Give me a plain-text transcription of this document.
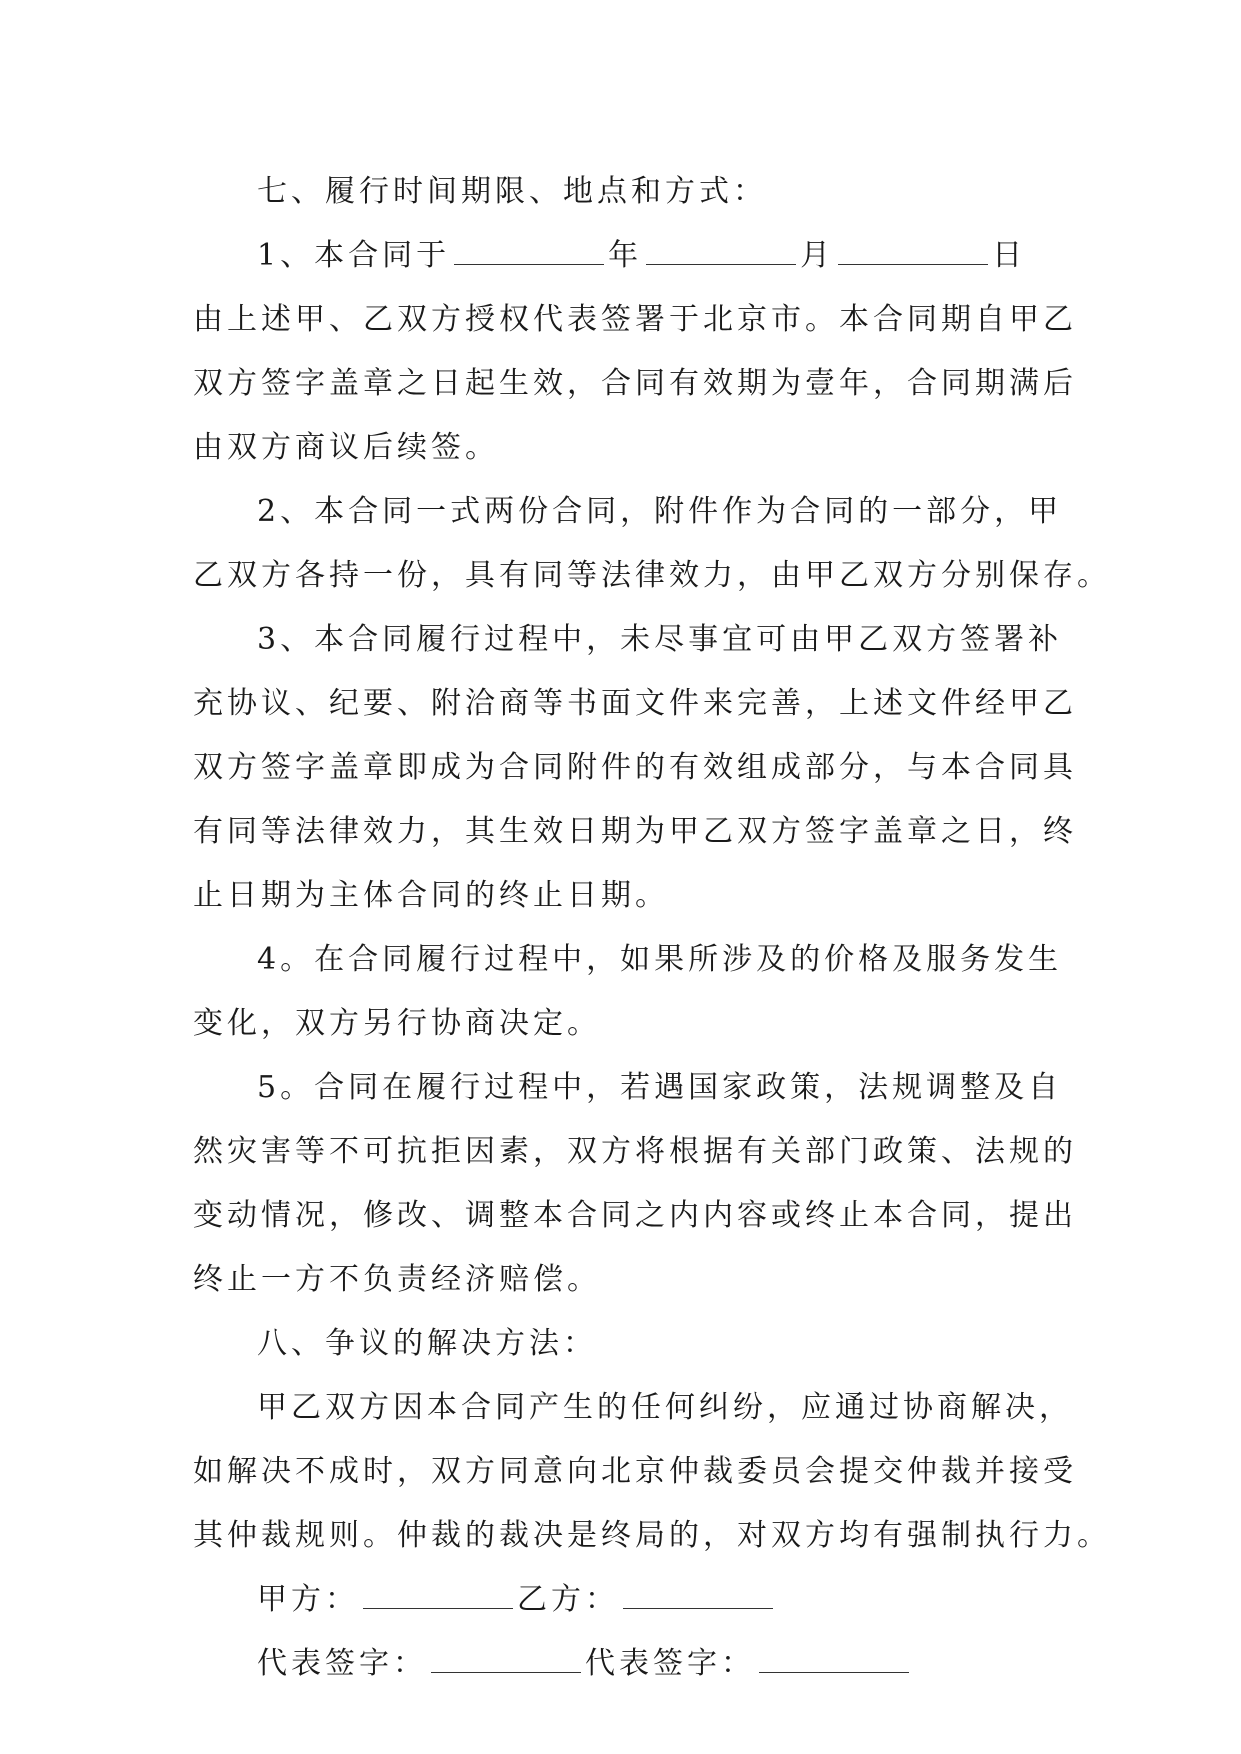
七、履行时间期限、地点和方式：
1、本合同于	年	月	日
由上述甲、乙双方授权代表签署于北京市。本合同期自甲乙
双方签字盖章之日起生效，合同有效期为壹年，合同期满后
由双方商议后续签。
2、本合同一式两份合同，附件作为合同的一部分，甲
乙双方各持一份，具有同等法律效力，由甲乙双方分别保存。
3、本合同履行过程中，未尽事宜可由甲乙双方签署补
充协议、纪要、附洽商等书面文件来完善，上述文件经甲乙
双方签字盖章即成为合同附件的有效组成部分，与本合同具
有同等法律效力，其生效日期为甲乙双方签字盖章之日，终
止日期为主体合同的终止日期。
4。在合同履行过程中，如果所涉及的价格及服务发生
变化，双方另行协商决定。
5。合同在履行过程中，若遇国家政策，法规调整及自
然灾害等不可抗拒因素，双方将根据有关部门政策、法规的
变动情况，修改、调整本合同之内内容或终止本合同，提出
终止一方不负责经济赔偿。
八、争议的解决方法：
甲乙双方因本合同产生的任何纠纷，应通过协商解决，
如解决不成时，双方同意向北京仲裁委员会提交仲裁并接受
其仲裁规则。仲裁的裁决是终局的，对双方均有强制执行力。
甲方：	乙方：
代表签字：	代表签字：
